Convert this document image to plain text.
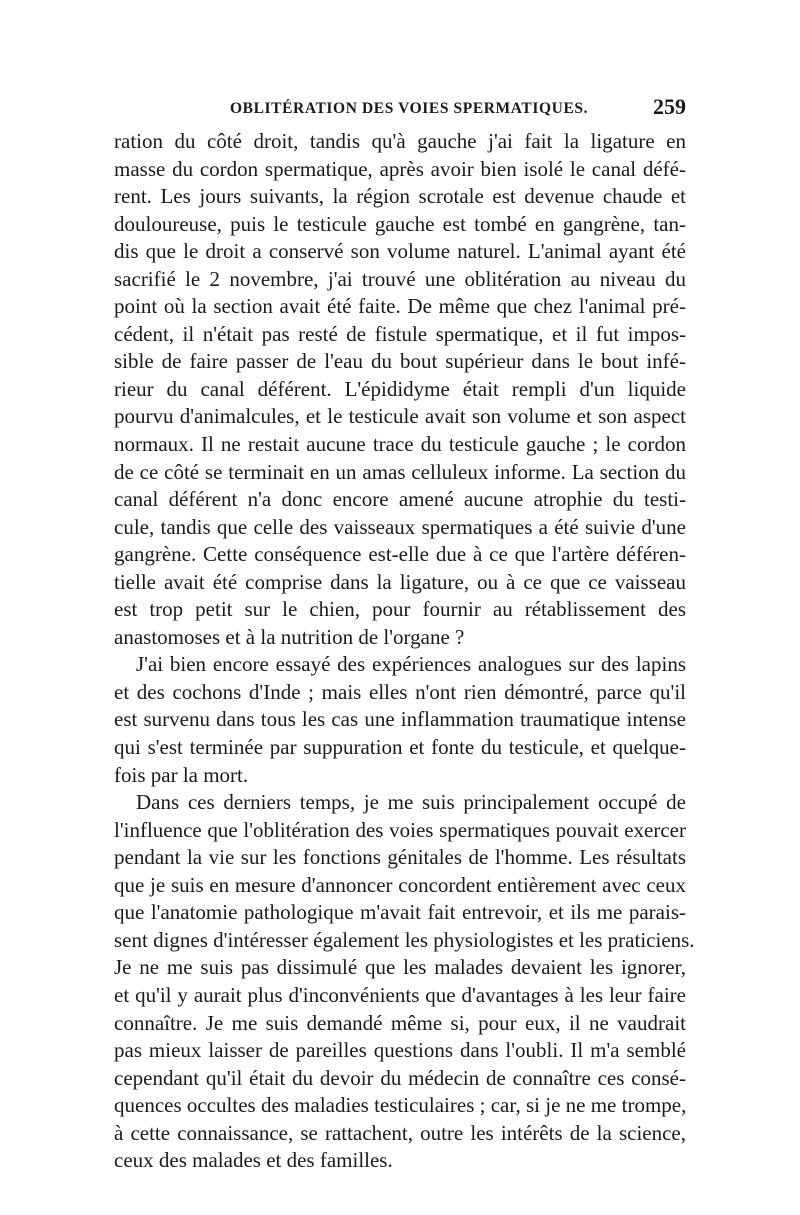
OBLITÉRATION DES VOIES SPERMATIQUES.	259
ration du côté droit, tandis qu'à gauche j'ai fait la ligature en
masse du cordon spermatique, après avoir bien isolé le canal défé-
rent. Les jours suivants, la région scrotale est devenue chaude et
douloureuse, puis le testicule gauche est tombé en gangrène, tan-
dis que le droit a conservé son volume naturel. L'animal ayant été
sacrifié le 2 novembre, j'ai trouvé une oblitération au niveau du
point où la section avait été faite. De même que chez l'animal pré-
cédent, il n'était pas resté de fistule spermatique, et il fut impos-
sible de faire passer de l'eau du bout supérieur dans le bout infé-
rieur du canal déférent. L'épididyme était rempli d'un liquide
pourvu d'animalcules, et le testicule avait son volume et son aspect
normaux. Il ne restait aucune trace du testicule gauche ; le cordon
de ce côté se terminait en un amas celluleux informe. La section du
canal déférent n'a donc encore amené aucune atrophie du testi-
cule, tandis que celle des vaisseaux spermatiques a été suivie d'une
gangrène. Cette conséquence est-elle due à ce que l'artère déféren-
tielle avait été comprise dans la ligature, ou à ce que ce vaisseau
est trop petit sur le chien, pour fournir au rétablissement des
anastomoses et à la nutrition de l'organe ?
J'ai bien encore essayé des expériences analogues sur des lapins
et des cochons d'Inde ; mais elles n'ont rien démontré, parce qu'il
est survenu dans tous les cas une inflammation traumatique intense
qui s'est terminée par suppuration et fonte du testicule, et quelque-
fois par la mort.
Dans ces derniers temps, je me suis principalement occupé de
l'influence que l'oblitération des voies spermatiques pouvait exercer
pendant la vie sur les fonctions génitales de l'homme. Les résultats
que je suis en mesure d'annoncer concordent entièrement avec ceux
que l'anatomie pathologique m'avait fait entrevoir, et ils me parais-
sent dignes d'intéresser également les physiologistes et les praticiens.
Je ne me suis pas dissimulé que les malades devaient les ignorer,
et qu'il y aurait plus d'inconvénients que d'avantages à les leur faire
connaître. Je me suis demandé même si, pour eux, il ne vaudrait
pas mieux laisser de pareilles questions dans l'oubli. Il m'a semblé
cependant qu'il était du devoir du médecin de connaître ces consé-
quences occultes des maladies testiculaires ; car, si je ne me trompe,
à cette connaissance, se rattachent, outre les intérêts de la science,
ceux des malades et des familles.
